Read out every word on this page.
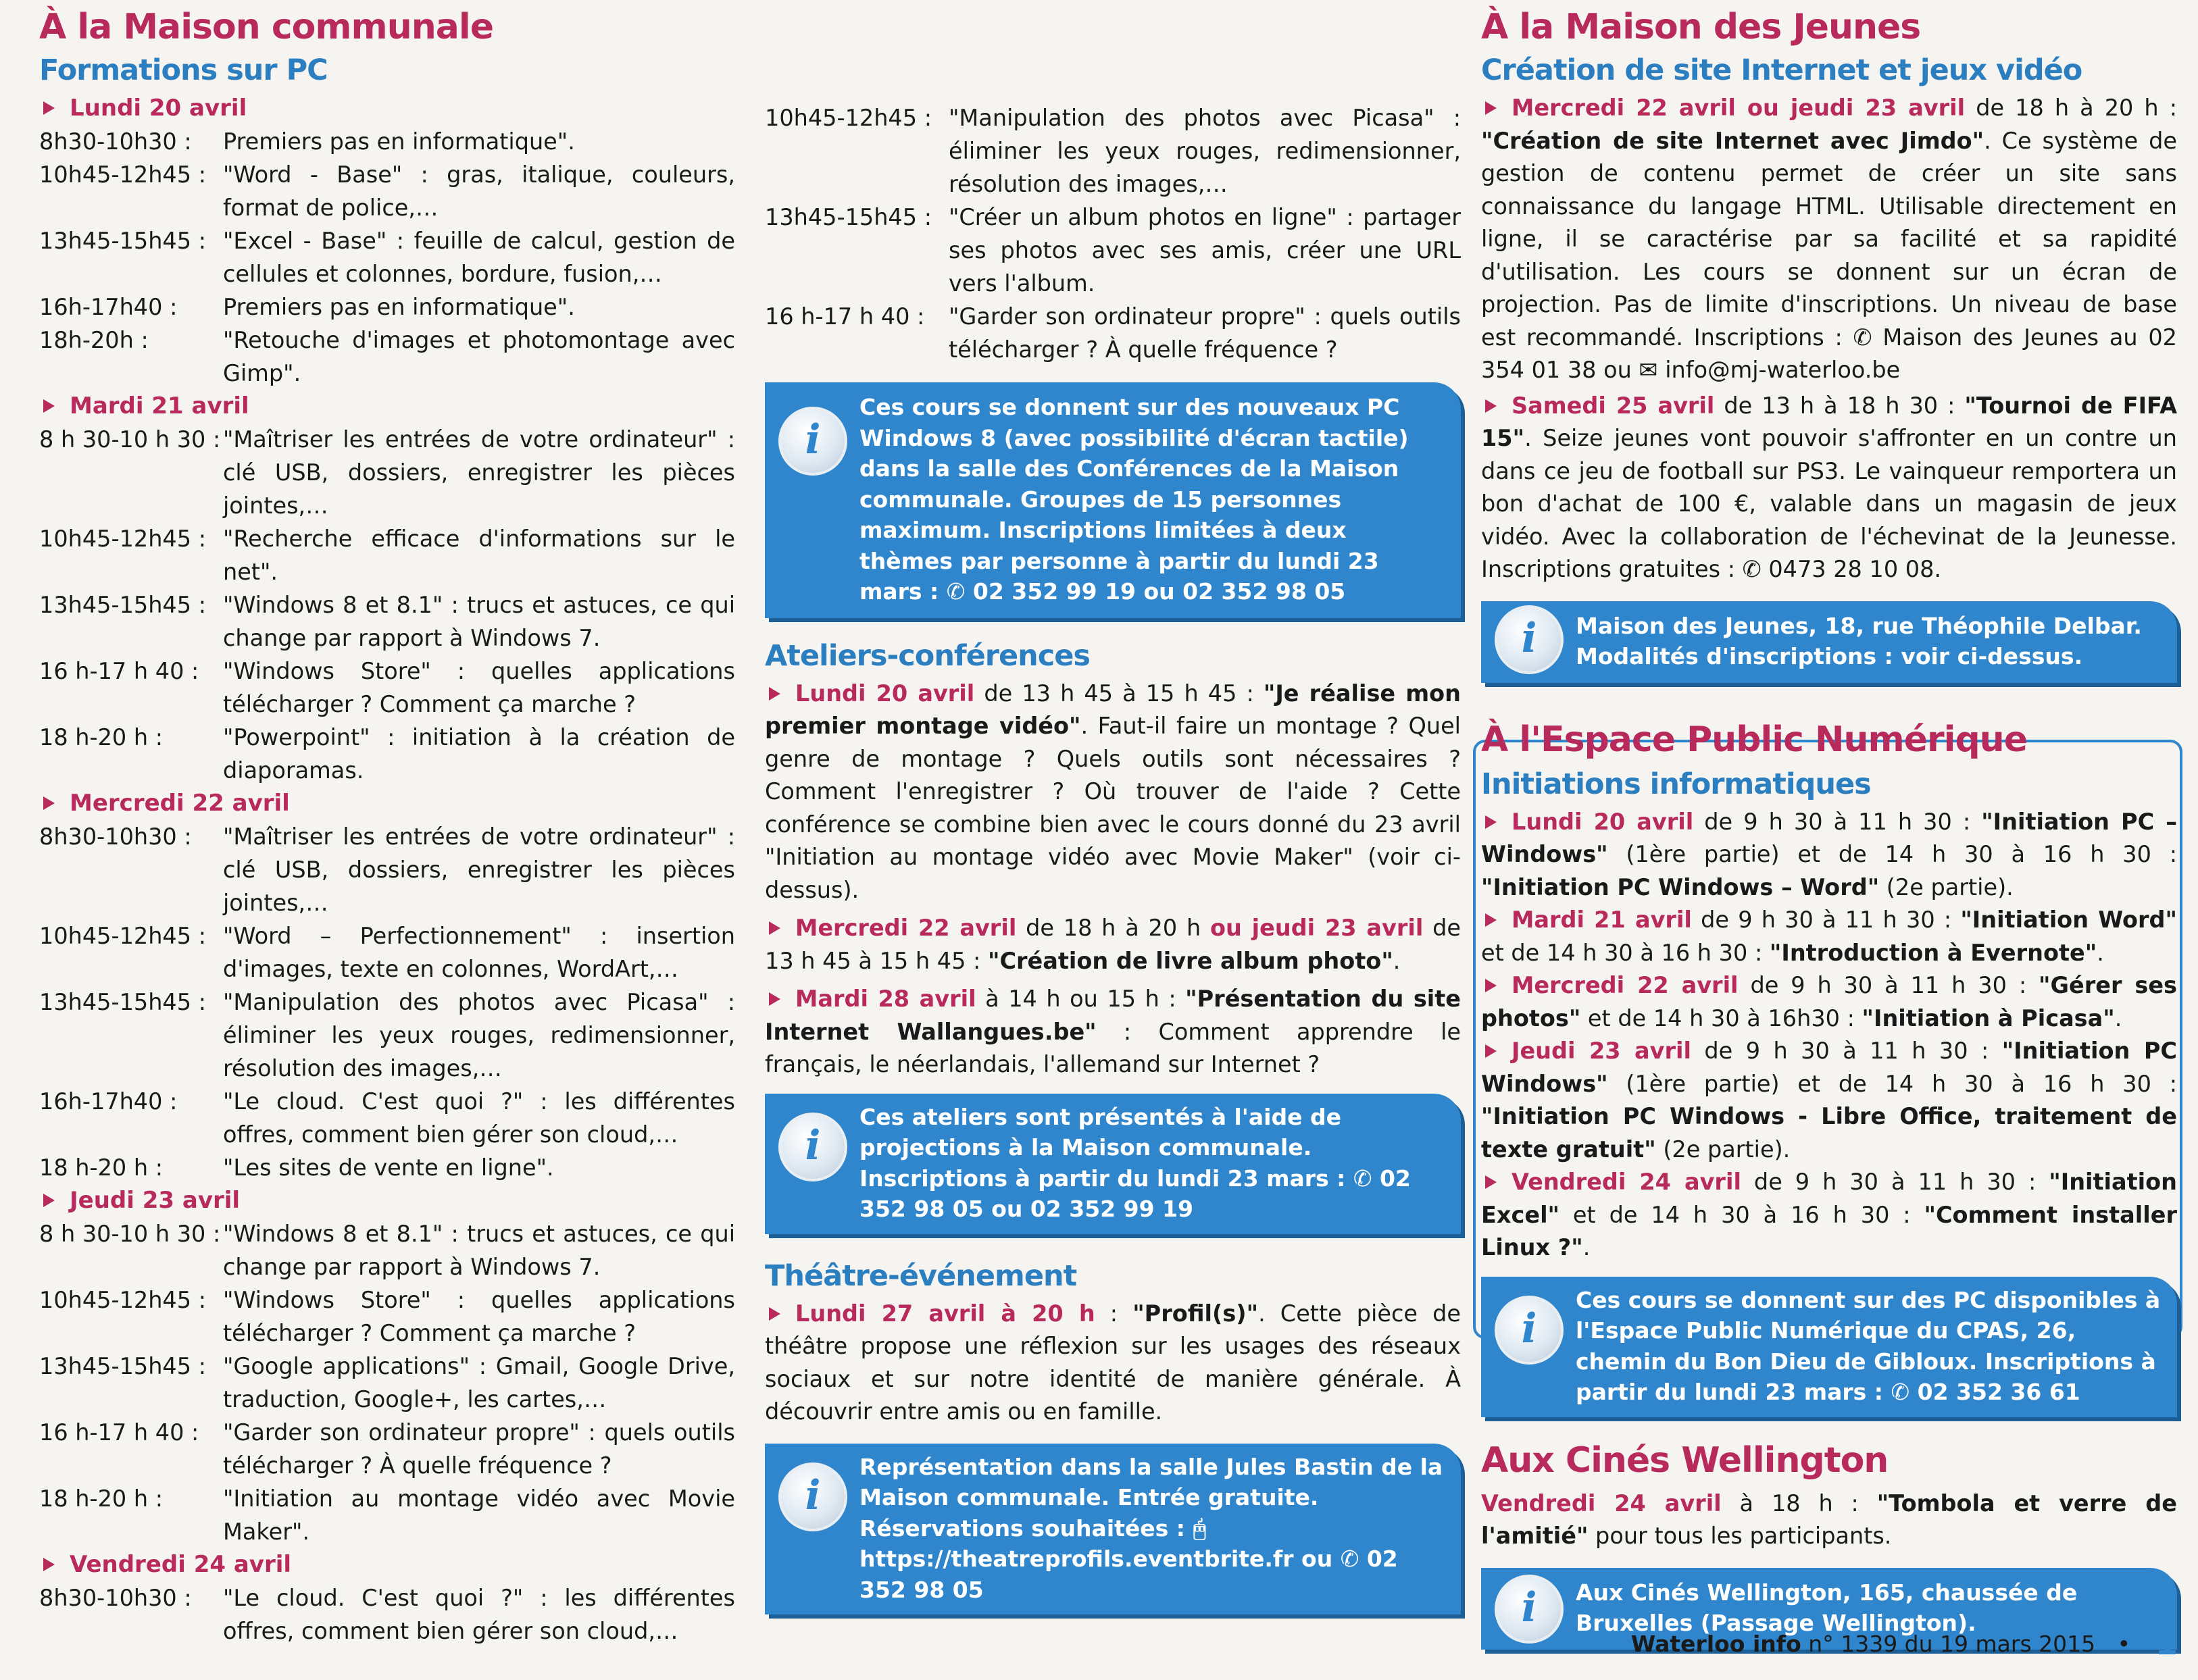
À la Maison communale
Formations sur PC
Lundi 20 avril
8h30-10h30 :	Premiers pas en informatique".
10h45-12h45 : "Word - Base" : gras, italique, couleurs, format de police,…
13h45-15h45 : "Excel - Base" : feuille de calcul, gestion de cellules et colonnes, bordure, fusion,…
16h-17h40 :	Premiers pas en informatique".
18h-20h :	"Retouche d'images et photomontage avec Gimp".
Mardi 21 avril
8 h 30-10 h 30 : "Maîtriser les entrées de votre ordinateur" : clé USB, dossiers, enregistrer les pièces jointes,…
10h45-12h45 : "Recherche efficace d'informations sur le net".
13h45-15h45 : "Windows 8 et 8.1" : trucs et astuces, ce qui change par rapport à Windows 7.
16 h-17 h 40 :	"Windows Store" : quelles applications télécharger ? Comment ça marche ?
18 h-20 h :	"Powerpoint" : initiation à la création de diaporamas.
Mercredi 22 avril
8h30-10h30 :	"Maîtriser les entrées de votre ordinateur" : clé USB, dossiers, enregistrer les pièces jointes,…
10h45-12h45 : "Word – Perfectionnement" : insertion d'images, texte en colonnes, WordArt,…
13h45-15h45 : "Manipulation des photos avec Picasa" : éliminer les yeux rouges, redimensionner, résolution des images,…
16h-17h40 :	"Le cloud. C'est quoi ?" : les différentes offres, comment bien gérer son cloud,…
18 h-20 h :	"Les sites de vente en ligne".
Jeudi 23 avril
8 h 30-10 h 30 : "Windows 8 et 8.1" : trucs et astuces, ce qui change par rapport à Windows 7.
10h45-12h45 : "Windows Store" : quelles applications télécharger ? Comment ça marche ?
13h45-15h45 : "Google applications" : Gmail, Google Drive, traduction, Google+, les cartes,…
16 h-17 h 40 :	"Garder son ordinateur propre" : quels outils télécharger ? À quelle fréquence ?
18 h-20 h :	"Initiation au montage vidéo avec Movie Maker".
Vendredi 24 avril
8h30-10h30 :	"Le cloud. C'est quoi ?" : les différentes offres, comment bien gérer son cloud,…
10h45-12h45 : "Manipulation des photos avec Picasa" : éliminer les yeux rouges, redimensionner, résolution des images,…
13h45-15h45 : "Créer un album photos en ligne" : partager ses photos avec ses amis, créer une URL vers l'album.
16 h-17 h 40 :	"Garder son ordinateur propre" : quels outils télécharger ? À quelle fréquence ?
i
Ces cours se donnent sur des nouveaux PC Windows 8 (avec possibilité d'écran tactile) dans la salle des Conférences de la Maison communale. Groupes de 15 personnes maximum. Inscriptions limitées à deux thèmes par personne à partir du lundi 23 mars : ✆ 02 352 99 19 ou 02 352 98 05
Ateliers-conférences
Lundi 20 avril de 13 h 45 à 15 h 45 : "Je réalise mon premier montage vidéo". Faut-il faire un montage ? Quel genre de montage ? Quels outils sont nécessaires ? Comment l'enregistrer ? Où trouver de l'aide ? Cette conférence se combine bien avec le cours donné du 23 avril "Initiation au montage vidéo avec Movie Maker" (voir ci-dessus).
Mercredi 22 avril de 18 h à 20 h ou jeudi 23 avril de 13 h 45 à 15 h 45 : "Création de livre album photo".
Mardi 28 avril à 14 h ou 15 h : "Présentation du site Internet Wallangues.be" : Comment apprendre le français, le néerlandais, l'allemand sur Internet ?
i
Ces ateliers sont présentés à l'aide de projections à la Maison communale. Inscriptions à partir du lundi 23 mars : ✆ 02 352 98 05 ou 02 352 99 19
Théâtre-événement
Lundi 27 avril à 20 h : "Profil(s)". Cette pièce de théâtre propose une réflexion sur les usages des réseaux sociaux et sur notre identité de manière générale. À découvrir entre amis ou en famille.
i
Représentation dans la salle Jules Bastin de la Maison communale. Entrée gratuite. Réservations souhaitées : 🖰 https://theatreprofils.eventbrite.fr ou ✆ 02 352 98 05
À la Maison des Jeunes
Création de site Internet et jeux vidéo
Mercredi 22 avril ou jeudi 23 avril de 18 h à 20 h : "Création de site Internet avec Jimdo". Ce système de gestion de contenu permet de créer un site sans connaissance du langage HTML. Utilisable directement en ligne, il se caractérise par sa facilité et sa rapidité d'utilisation. Les cours se donnent sur un écran de projection. Pas de limite d'inscriptions. Un niveau de base est recommandé. Inscriptions : ✆ Maison des Jeunes au 02 354 01 38 ou ✉ info@mj-waterloo.be
Samedi 25 avril de 13 h à 18 h 30 : "Tournoi de FIFA 15". Seize jeunes vont pouvoir s'affronter en un contre un dans ce jeu de football sur PS3. Le vainqueur remportera un bon d'achat de 100 €, valable dans un magasin de jeux vidéo. Avec la collaboration de l'échevinat de la Jeunesse. Inscriptions gratuites : ✆ 0473 28 10 08.
i	Maison des Jeunes, 18, rue Théophile Delbar. Modalités d'inscriptions : voir ci-dessus.
À l'Espace Public Numérique
Initiations informatiques
Lundi 20 avril de 9 h 30 à 11 h 30 : "Initiation PC – Windows" (1ère partie) et de 14 h 30 à 16 h 30 : "Initiation PC Windows – Word" (2e partie).
Mardi 21 avril de 9 h 30 à 11 h 30 : "Initiation Word" et de 14 h 30 à 16 h 30 : "Introduction à Evernote".
Mercredi 22 avril de 9 h 30 à 11 h 30 : "Gérer ses photos" et de 14 h 30 à 16h30 : "Initiation à Picasa".
Jeudi 23 avril de 9 h 30 à 11 h 30 : "Initiation PC Windows" (1ère partie) et de 14 h 30 à 16 h 30 : "Initiation PC Windows - Libre Office, traitement de texte gratuit" (2e partie).
Vendredi 24 avril de 9 h 30 à 11 h 30 : "Initiation Excel" et de 14 h 30 à 16 h 30 : "Comment installer Linux ?".
i
Ces cours se donnent sur des PC disponibles à l'Espace Public Numérique du CPAS, 26, chemin du Bon Dieu de Gibloux. Inscriptions à partir du lundi 23 mars : ✆ 02 352 36 61
Aux Cinés Wellington
Vendredi 24 avril à 18 h : "Tombola et verre de l'amitié" pour tous les participants.
i	Aux Cinés Wellington, 165, chaussée de Bruxelles (Passage Wellington).
Waterloo info n° 1339 du 19 mars 2015 • 1
